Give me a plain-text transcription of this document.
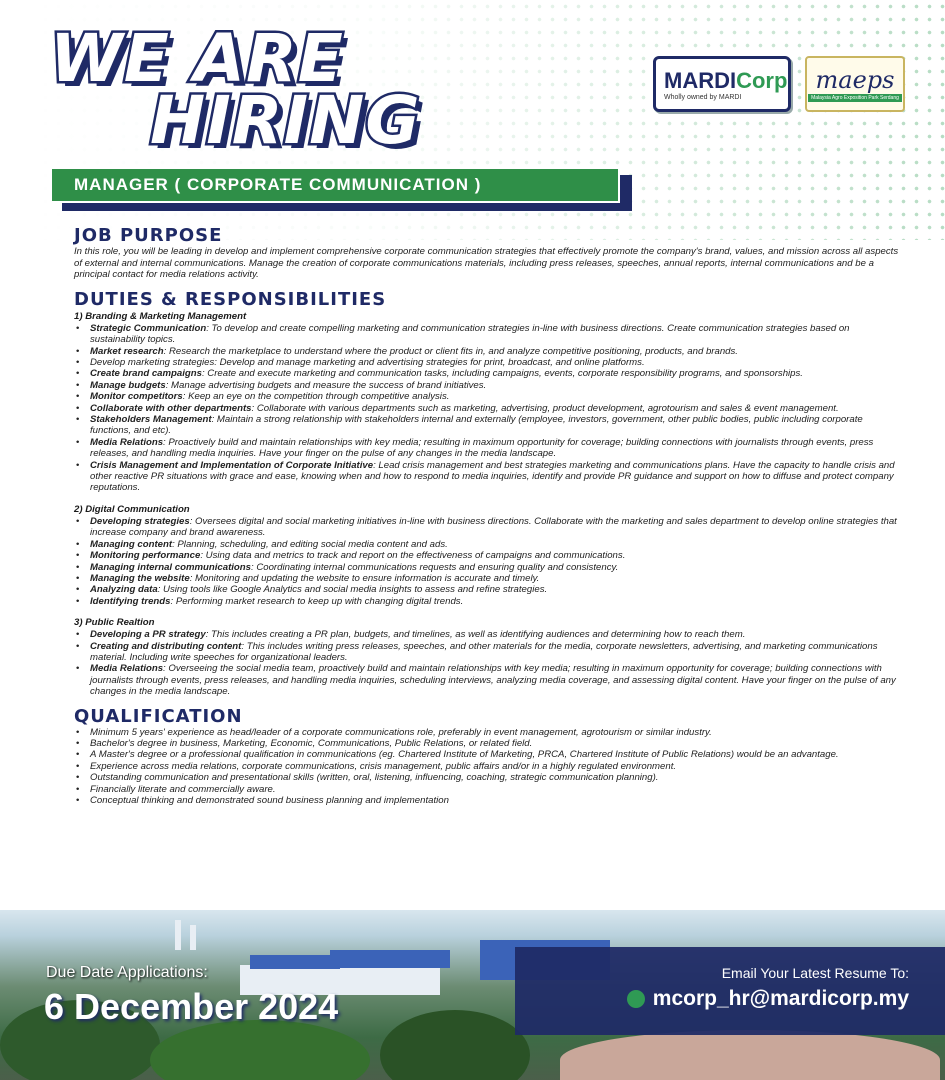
WE ARE
HIRING
MARDICorp
Wholly owned by MARDI
maeps
Malaysia Agro Exposition Park Serdang
MANAGER ( CORPORATE COMMUNICATION )
JOB PURPOSE
In this role, you will be leading in develop and implement comprehensive corporate communication strategies that effectively promote the company's brand, values, and mission across all aspects of external and internal communications. Manage the creation of corporate communications materials, including press releases, speeches, annual reports, internal communications and be a principal contact for media relations activity.
DUTIES & RESPONSIBILITIES
1) Branding & Marketing Management
• Strategic Communication: To develop and create compelling marketing and communication strategies in-line with business directions. Create communication strategies based on sustainability topics.
• Market research: Research the marketplace to understand where the product or client fits in, and analyze competitive positioning, products, and brands.
• Develop marketing strategies: Develop and manage marketing and advertising strategies for print, broadcast, and online platforms.
• Create brand campaigns: Create and execute marketing and communication tasks, including campaigns, events, corporate responsibility programs, and sponsorships.
• Manage budgets: Manage advertising budgets and measure the success of brand initiatives.
• Monitor competitors: Keep an eye on the competition through competitive analysis.
• Collaborate with other departments: Collaborate with various departments such as marketing, advertising, product development, agrotourism and sales & event management.
• Stakeholders Management: Maintain a strong relationship with stakeholders internal and externally (employee, investors, government, other public bodies, public including corporate functions, and etc).
• Media Relations: Proactively build and maintain relationships with key media; resulting in maximum opportunity for coverage; building connections with journalists through events, press releases, and handling media inquiries. Have your finger on the pulse of any changes in the media landscape.
• Crisis Management and Implementation of Corporate Initiative: Lead crisis management and best strategies marketing and communications plans. Have the capacity to handle crisis and other reactive PR situations with grace and ease, knowing when and how to respond to media inquiries, identify and provide PR guidance and support on how to diffuse and protect company reputations.
2) Digital Communication
• Developing strategies: Oversees digital and social marketing initiatives in-line with business directions. Collaborate with the marketing and sales department to develop online strategies that increase company and brand awareness.
• Managing content: Planning, scheduling, and editing social media content and ads.
• Monitoring performance: Using data and metrics to track and report on the effectiveness of campaigns and communications.
• Managing internal communications: Coordinating internal communications requests and ensuring quality and consistency.
• Managing the website: Monitoring and updating the website to ensure information is accurate and timely.
• Analyzing data: Using tools like Google Analytics and social media insights to assess and refine strategies.
• Identifying trends: Performing market research to keep up with changing digital trends.
3) Public Realtion
• Developing a PR strategy: This includes creating a PR plan, budgets, and timelines, as well as identifying audiences and determining how to reach them.
• Creating and distributing content: This includes writing press releases, speeches, and other materials for the media, corporate newsletters, advertising, and marketing communications material. Including write speeches for organizational leaders.
• Media Relations: Overseeing the social media team, proactively build and maintain relationships with key media; resulting in maximum opportunity for coverage; building connections with journalists through events, press releases, and handling media inquiries, scheduling interviews, analyzing media coverage, and assessing digital content. Have your finger on the pulse of any changes in the media landscape.
QUALIFICATION
• Minimum 5 years' experience as head/leader of a corporate communications role, preferably in event management, agrotourism or similar industry.
• Bachelor's degree in business, Marketing, Economic, Communications, Public Relations, or related field.
• A Master's degree or a professional qualification in communications (eg. Chartered Institute of Marketing, PRCA, Chartered Institute of Public Relations) would be an advantage.
• Experience across media relations, corporate communications, crisis management, public affairs and/or in a highly regulated environment.
• Outstanding communication and presentational skills (written, oral, listening, influencing, coaching, strategic communication planning).
• Financially literate and commercially aware.
• Conceptual thinking and demonstrated sound business planning and implementation
Due Date Applications:
6 December 2024
Email Your Latest Resume To:
mcorp_hr@mardicorp.my
